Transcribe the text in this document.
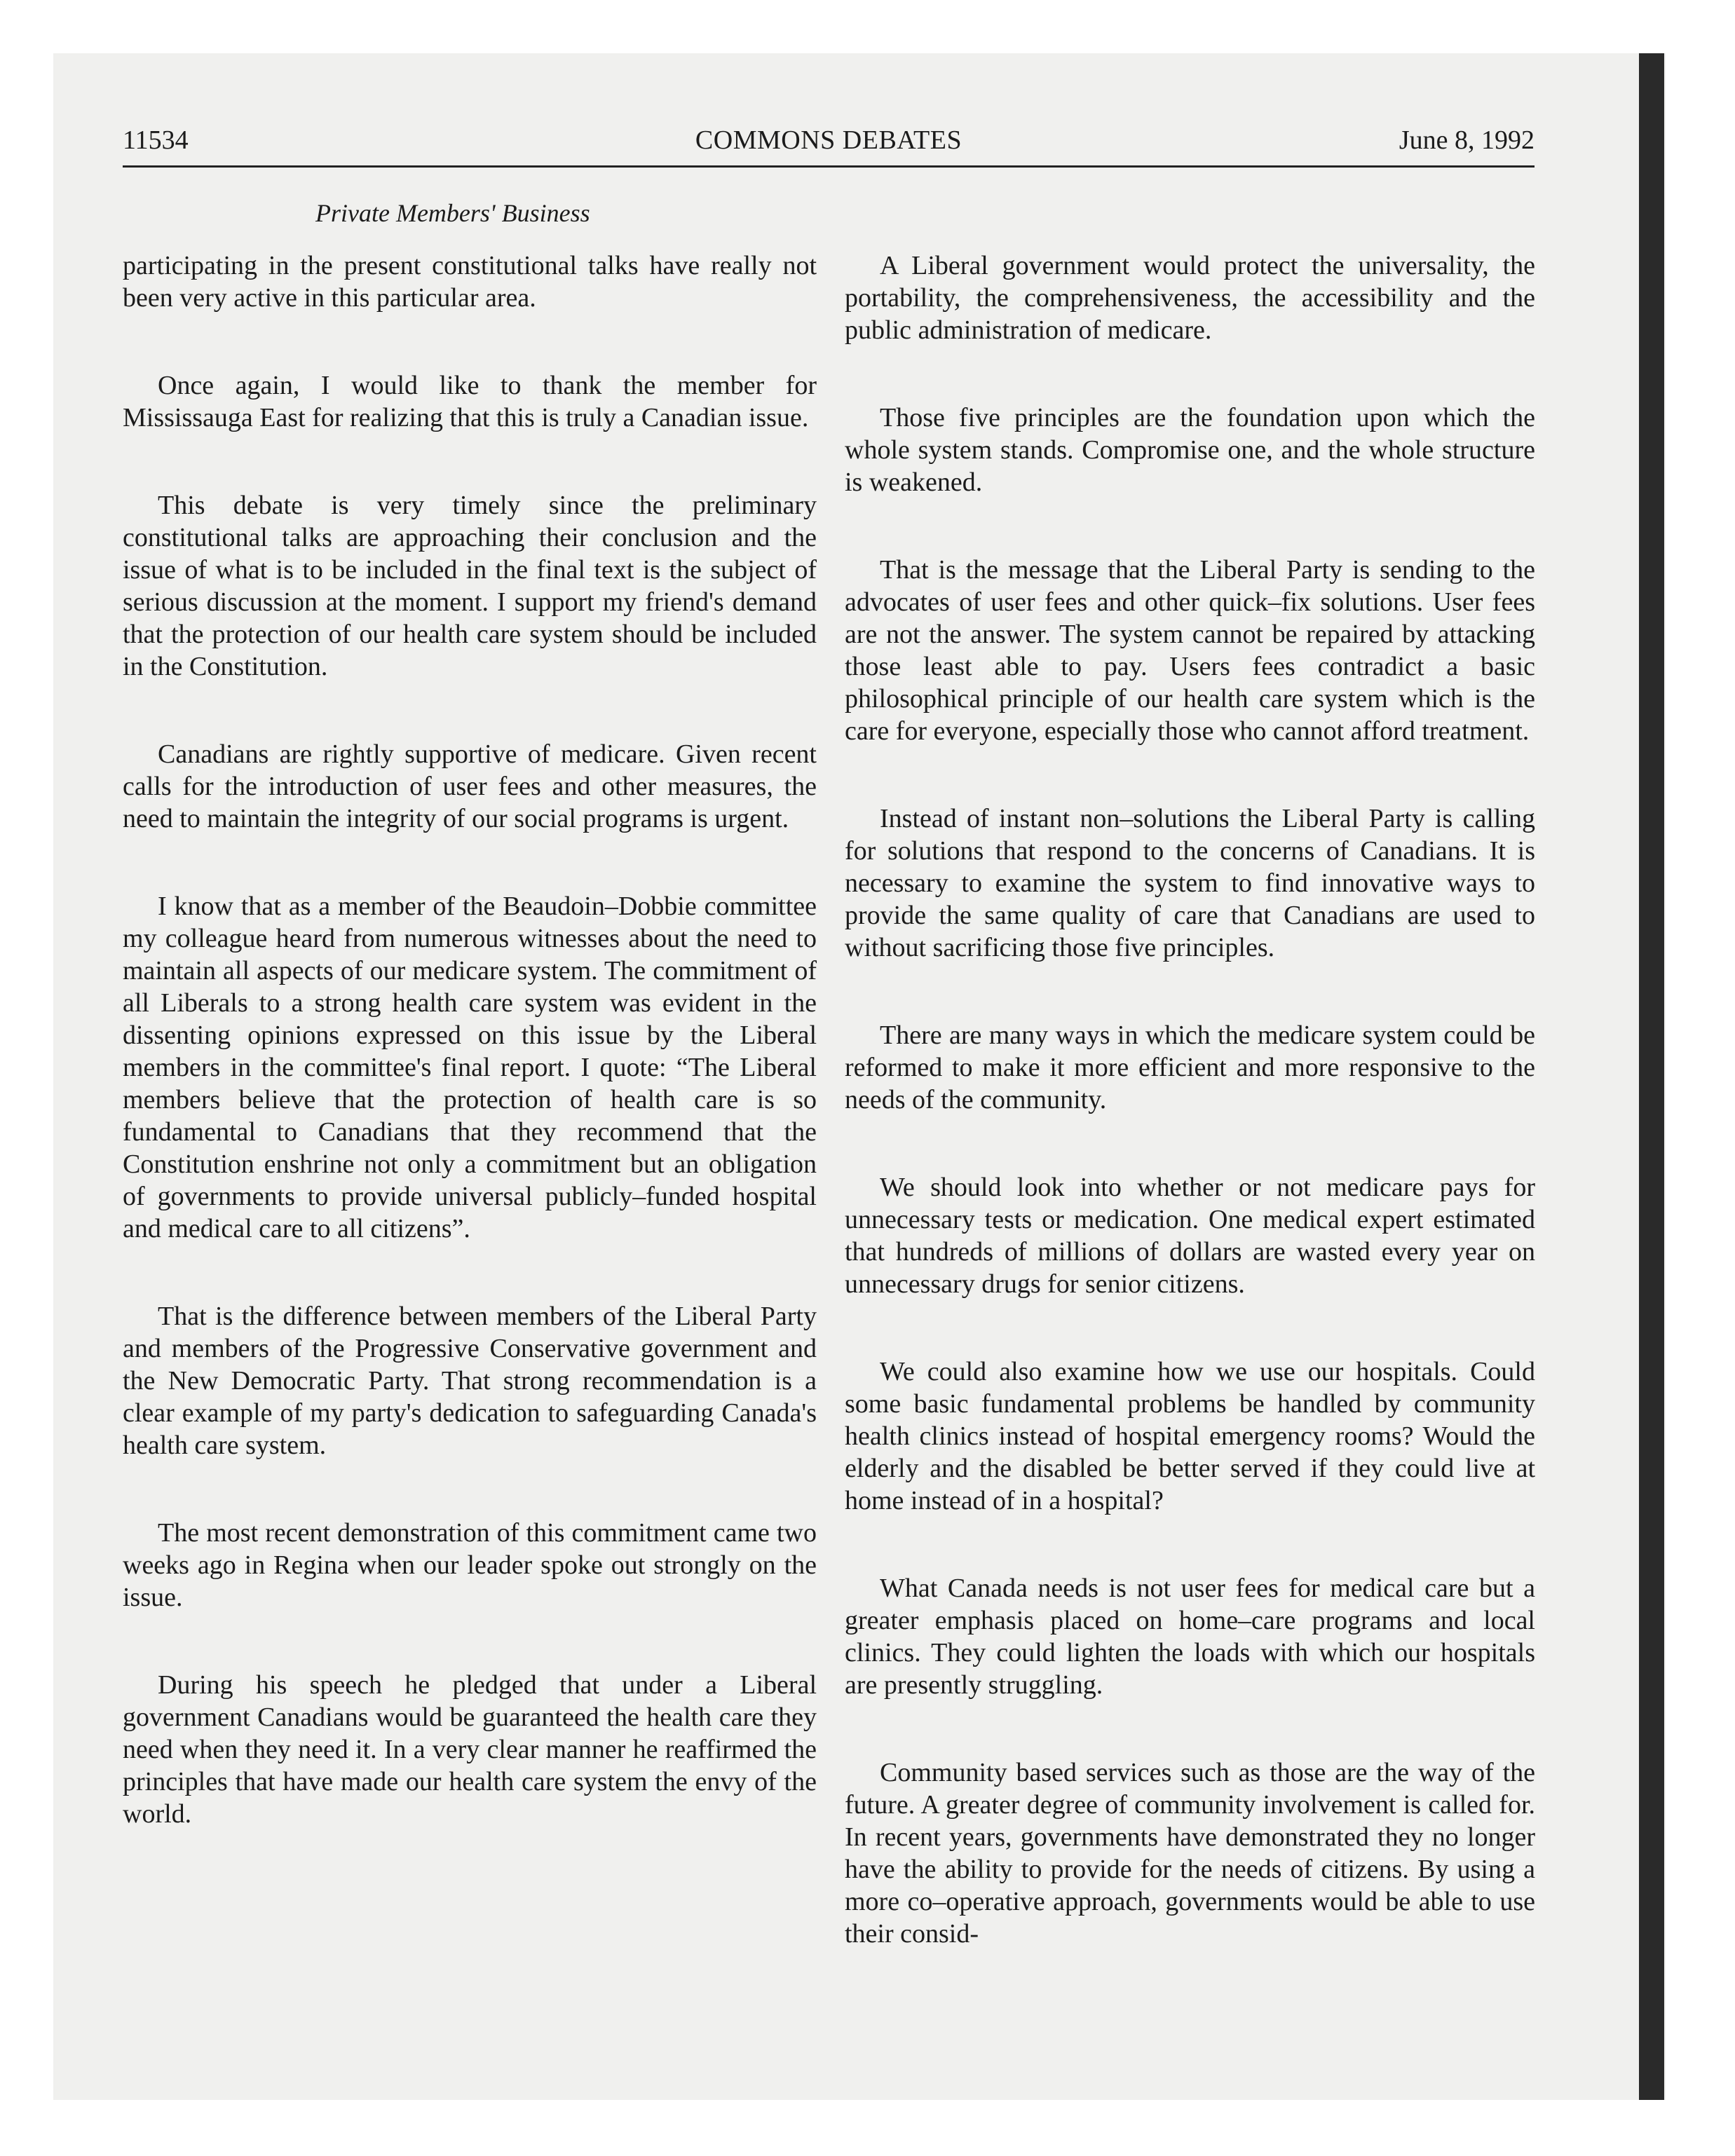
11534	COMMONS DEBATES	June 8, 1992
Private Members' Business

participating in the present constitutional talks have really not been very active in this particular area.

Once again, I would like to thank the member for Mississauga East for realizing that this is truly a Canadian issue.

This debate is very timely since the preliminary constitutional talks are approaching their conclusion and the issue of what is to be included in the final text is the subject of serious discussion at the moment. I support my friend's demand that the protection of our health care system should be included in the Constitution.

Canadians are rightly supportive of medicare. Given recent calls for the introduction of user fees and other measures, the need to maintain the integrity of our social programs is urgent.

I know that as a member of the Beaudoin–Dobbie committee my colleague heard from numerous witnesses about the need to maintain all aspects of our medicare system. The commitment of all Liberals to a strong health care system was evident in the dissenting opinions expressed on this issue by the Liberal members in the committee's final report. I quote: “The Liberal members believe that the protection of health care is so fundamental to Canadians that they recommend that the Constitution enshrine not only a commitment but an obligation of governments to provide universal publicly–funded hospital and medical care to all citizens”.

That is the difference between members of the Liberal Party and members of the Progressive Conservative government and the New Democratic Party. That strong recommendation is a clear example of my party's dedication to safeguarding Canada's health care system.

The most recent demonstration of this commitment came two weeks ago in Regina when our leader spoke out strongly on the issue.

During his speech he pledged that under a Liberal government Canadians would be guaranteed the health care they need when they need it. In a very clear manner he reaffirmed the principles that have made our health care system the envy of the world.

A Liberal government would protect the universality, the portability, the comprehensiveness, the accessibility and the public administration of medicare.

Those five principles are the foundation upon which the whole system stands. Compromise one, and the whole structure is weakened.

That is the message that the Liberal Party is sending to the advocates of user fees and other quick–fix solutions. User fees are not the answer. The system cannot be repaired by attacking those least able to pay. Users fees contradict a basic philosophical principle of our health care system which is the care for everyone, especially those who cannot afford treatment.

Instead of instant non–solutions the Liberal Party is calling for solutions that respond to the concerns of Canadians. It is necessary to examine the system to find innovative ways to provide the same quality of care that Canadians are used to without sacrificing those five principles.

There are many ways in which the medicare system could be reformed to make it more efficient and more responsive to the needs of the community.

We should look into whether or not medicare pays for unnecessary tests or medication. One medical expert estimated that hundreds of millions of dollars are wasted every year on unnecessary drugs for senior citizens.

We could also examine how we use our hospitals. Could some basic fundamental problems be handled by community health clinics instead of hospital emergency rooms? Would the elderly and the disabled be better served if they could live at home instead of in a hospital?

What Canada needs is not user fees for medical care but a greater emphasis placed on home–care programs and local clinics. They could lighten the loads with which our hospitals are presently struggling.

Community based services such as those are the way of the future. A greater degree of community involvement is called for. In recent years, governments have demonstrated they no longer have the ability to provide for the needs of citizens. By using a more co–operative approach, governments would be able to use their consid-
